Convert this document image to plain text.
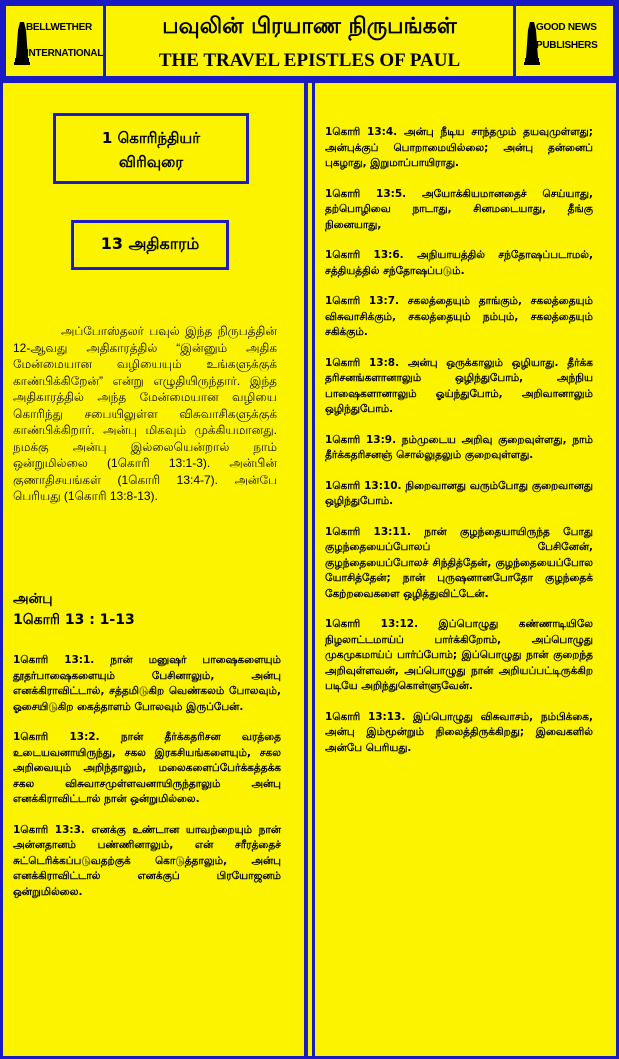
BELLWETHER
INTERNATIONAL
பவுலின் பிரயாண நிருபங்கள்
THE TRAVEL EPISTLES OF PAUL
GOOD NEWS
PUBLISHERS
1 கொரிந்தியர்
விரிவுரை
13 அதிகாரம்
அப்போஸ்தலர் பவுல் இந்த நிருபத்தின் 12-ஆவது அதிகாரத்தில் “இன்னும் அதிக மேன்மையான வழியையும் உங்களுக்குக் காண்பிக்கிறேன்” என்று எழுதியிருந்தார். இந்த அதிகாரத்தில் அந்த மேன்மையான வழியை கொரிந்து சபையிலுள்ள விசுவாசிகளுக்குக் காண்பிக்கிறார். அன்பு மிகவும் முக்கியமானது. நமக்கு அன்பு இல்லையென்றால் நாம் ஒன்றுமில்லை (1கொரி 13:1-3). அன்பின் குணாதிசயங்கள் (1கொரி 13:4-7). அன்பே பெரியது (1கொரி 13:8-13).
அன்பு
1கொரி 13 : 1-13

1கொரி 13:1. நான் மனுஷர் பாஷைகளையும் தூதர்பாஷைகளையும் பேசினாலும், அன்பு எனக்கிராவிட்டால், சத்தமிடுகிற வெண்கலம் போலவும், ஓசையிடுகிற கைத்தாளம் போலவும் இருப்பேன்.

1கொரி 13:2. நான் தீர்க்கதரிசன வரத்தை உடையவனாயிருந்து, சகல இரகசியங்களையும், சகல அறிவையும் அறிந்தாலும், மலைகளைப்பேர்க்கத்தக்க சகல விசுவாசமுள்ளவனாயிருந்தாலும் அன்பு எனக்கிராவிட்டால் நான் ஒன்றுமில்லை.

1கொரி 13:3. எனக்கு உண்டான யாவற்றையும் நான் அன்னதானம் பண்ணினாலும், என் சரீரத்தைச் சுட்டெரிக்கப்படுவதற்குக் கொடுத்தாலும், அன்பு எனக்கிராவிட்டால் எனக்குப் பிரயோஜனம் ஒன்றுமில்லை.

1கொரி 13:4. அன்பு நீடிய சாந்தமும் தயவுமுள்ளது; அன்புக்குப் பொறாமையில்லை; அன்பு தன்னைப் புகழாது, இறுமாப்பாயிராது.

1கொரி 13:5. அயோக்கியமானதைச் செய்யாது, தற்பொழிவை நாடாது, சினமடையாது, தீங்கு நினையாது,

1கொரி 13:6. அநியாயத்தில் சந்தோஷப்படாமல், சத்தியத்தில் சந்தோஷப்படும்.

1கொரி 13:7. சகலத்தையும் தாங்கும், சகலத்தையும் விசுவாசிக்கும், சகலத்தையும் நம்பும், சகலத்தையும் சகிக்கும்.

1கொரி 13:8. அன்பு ஒருக்காலும் ஒழியாது. தீர்க்க தரிசனங்களானாலும் ஒழிந்துபோம், அந்நிய பாஷைகளானாலும் ஓய்ந்துபோம், அறிவானாலும் ஒழிந்துபோம்.

1கொரி 13:9. நம்முடைய அறிவு குறைவுள்ளது, நாம் தீர்க்கதரிசனஞ் சொல்லுதலும் குறைவுள்ளது.

1கொரி 13:10. நிறைவானது வரும்போது குறைவானது ஒழிந்துபோம்.

1கொரி 13:11. நான் குழந்தையாயிருந்த போது குழந்தையைப்போலப் பேசினேன், குழந்தையைப்போலச் சிந்தித்தேன், குழந்தையைப்போல யோசித்தேன்; நான் புருஷனானபோதோ குழந்தைக் கேற்றவைகளை ஒழித்துவிட்டேன்.

1கொரி 13:12. இப்பொழுது கண்ணாடியிலே நிழலாட்டமாய்ப் பார்க்கிறோம், அப்பொழுது முகமுகமாய்ப் பார்ப்போம்; இப்பொழுது நான் குறைந்த அறிவுள்ளவன், அப்பொழுது நான் அறியப்பட்டிருக்கிற படியே அறிந்துகொள்ளுவேன்.

1கொரி 13:13. இப்பொழுது விசுவாசம், நம்பிக்கை, அன்பு இம்மூன்றும் நிலைத்திருக்கிறது; இவைகளில் அன்பே பெரியது.
